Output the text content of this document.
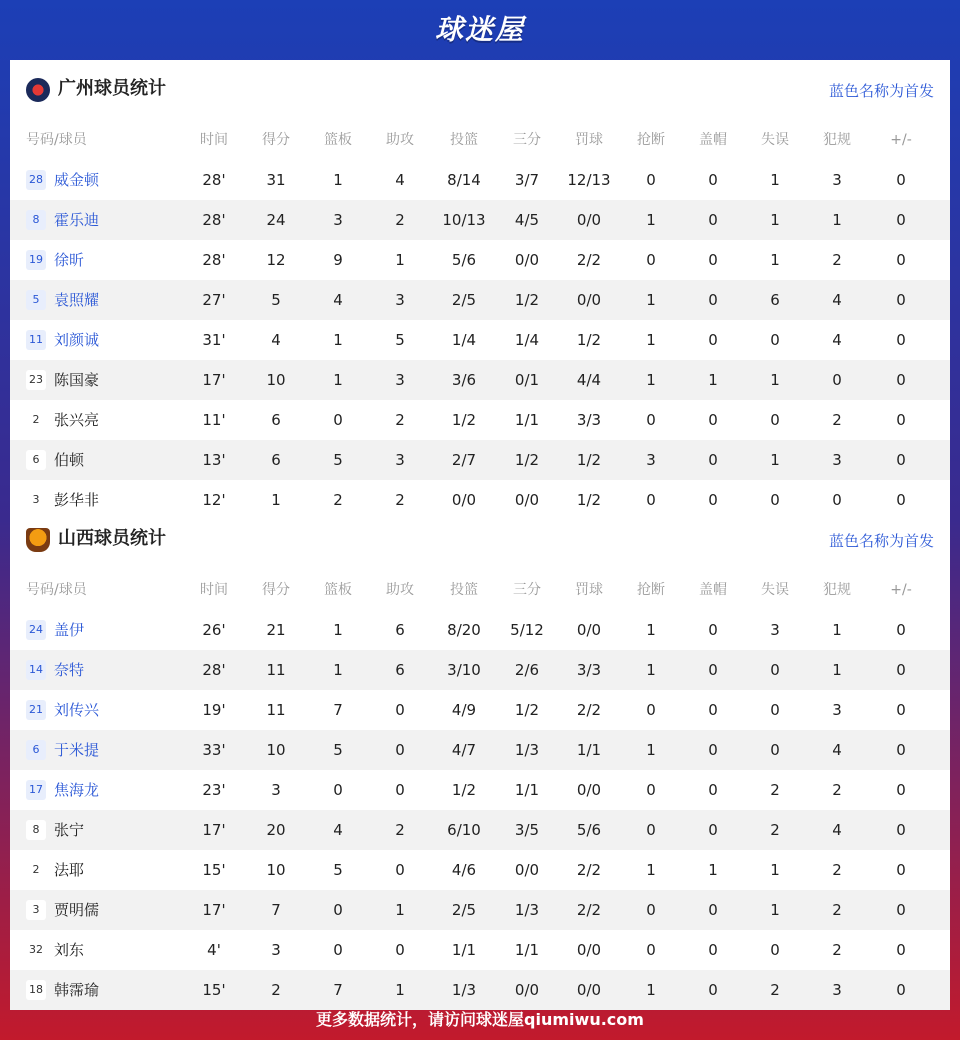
球迷屋
广州球员统计	蓝色名称为首发
号码/球员	时间	得分	篮板	助攻	投篮	三分	罚球	抢断	盖帽	失误	犯规	+/-
28 威金顿	28'	31	1	4	8/14	3/7	12/13	0	0	1	3	0
8 霍乐迪	28'	24	3	2	10/13	4/5	0/0	1	0	1	1	0
19 徐昕	28'	12	9	1	5/6	0/0	2/2	0	0	1	2	0
5 袁照耀	27'	5	4	3	2/5	1/2	0/0	1	0	6	4	0
11 刘颜诚	31'	4	1	5	1/4	1/4	1/2	1	0	0	4	0
23 陈国豪	17'	10	1	3	3/6	0/1	4/4	1	1	1	0	0
2 张兴亮	11'	6	0	2	1/2	1/1	3/3	0	0	0	2	0
6 伯顿	13'	6	5	3	2/7	1/2	1/2	3	0	1	3	0
3 彭华非	12'	1	2	2	0/0	0/0	1/2	0	0	0	0	0
山西球员统计	蓝色名称为首发
号码/球员	时间	得分	篮板	助攻	投篮	三分	罚球	抢断	盖帽	失误	犯规	+/-
24 盖伊	26'	21	1	6	8/20	5/12	0/0	1	0	3	1	0
14 奈特	28'	11	1	6	3/10	2/6	3/3	1	0	0	1	0
21 刘传兴	19'	11	7	0	4/9	1/2	2/2	0	0	0	3	0
6 于米提	33'	10	5	0	4/7	1/3	1/1	1	0	0	4	0
17 焦海龙	23'	3	0	0	1/2	1/1	0/0	0	0	2	2	0
8 张宁	17'	20	4	2	6/10	3/5	5/6	0	0	2	4	0
2 法耶	15'	10	5	0	4/6	0/0	2/2	1	1	1	2	0
3 贾明儒	17'	7	0	1	2/5	1/3	2/2	0	0	1	2	0
32 刘东	4'	3	0	0	1/1	1/1	0/0	0	0	0	2	0
18 韩霈瑜	15'	2	7	1	1/3	0/0	0/0	1	0	2	3	0
更多数据统计，请访问球迷屋qiumiwu.com
